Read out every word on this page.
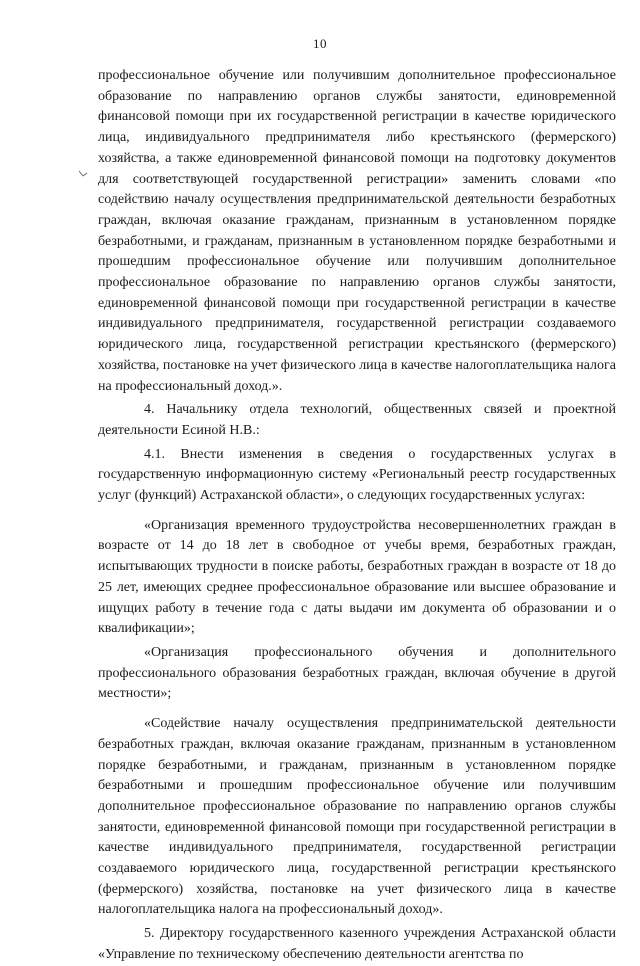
10

профессиональное обучение или получившим дополнительное профессиональное образование по направлению органов службы занятости, единовременной финансовой помощи при их государственной регистрации в качестве юридического лица, индивидуального предпринимателя либо крестьянского (фермерского) хозяйства, а также единовременной финансовой помощи на подготовку документов для соответствующей государственной регистрации» заменить словами «по содействию началу осуществления предпринимательской деятельности безработных граждан, включая оказание гражданам, признанным в установленном порядке безработными, и гражданам, признанным в установленном порядке безработными и прошедшим профессиональное обучение или получившим дополнительное профессиональное образование по направлению органов службы занятости, единовременной финансовой помощи при государственной регистрации в качестве индивидуального предпринимателя, государственной регистрации создаваемого юридического лица, государственной регистрации крестьянского (фермерского) хозяйства, постановке на учет физического лица в качестве налогоплательщика налога на профессиональный доход.».

4. Начальнику отдела технологий, общественных связей и проектной деятельности Есиной Н.В.:

4.1. Внести изменения в сведения о государственных услугах в государственную информационную систему «Региональный реестр государственных услуг (функций) Астраханской области», о следующих государственных услугах:

«Организация временного трудоустройства несовершеннолетних граждан в возрасте от 14 до 18 лет в свободное от учебы время, безработных граждан, испытывающих трудности в поиске работы, безработных граждан в возрасте от 18 до 25 лет, имеющих среднее профессиональное образование или высшее образование и ищущих работу в течение года с даты выдачи им документа об образовании и о квалификации»;

«Организация профессионального обучения и дополнительного профессионального образования безработных граждан, включая обучение в другой местности»;

«Содействие началу осуществления предпринимательской деятельности безработных граждан, включая оказание гражданам, признанным в установленном порядке безработными, и гражданам, признанным в установленном порядке безработными и прошедшим профессиональное обучение или получившим дополнительное профессиональное образование по направлению органов службы занятости, единовременной финансовой помощи при государственной регистрации в качестве индивидуального предпринимателя, государственной регистрации создаваемого юридического лица, государственной регистрации крестьянского (фермерского) хозяйства, постановке на учет физического лица в качестве налогоплательщика налога на профессиональный доход».

5. Директору государственного казенного учреждения Астраханской области «Управление по техническому обеспечению деятельности агентства по
